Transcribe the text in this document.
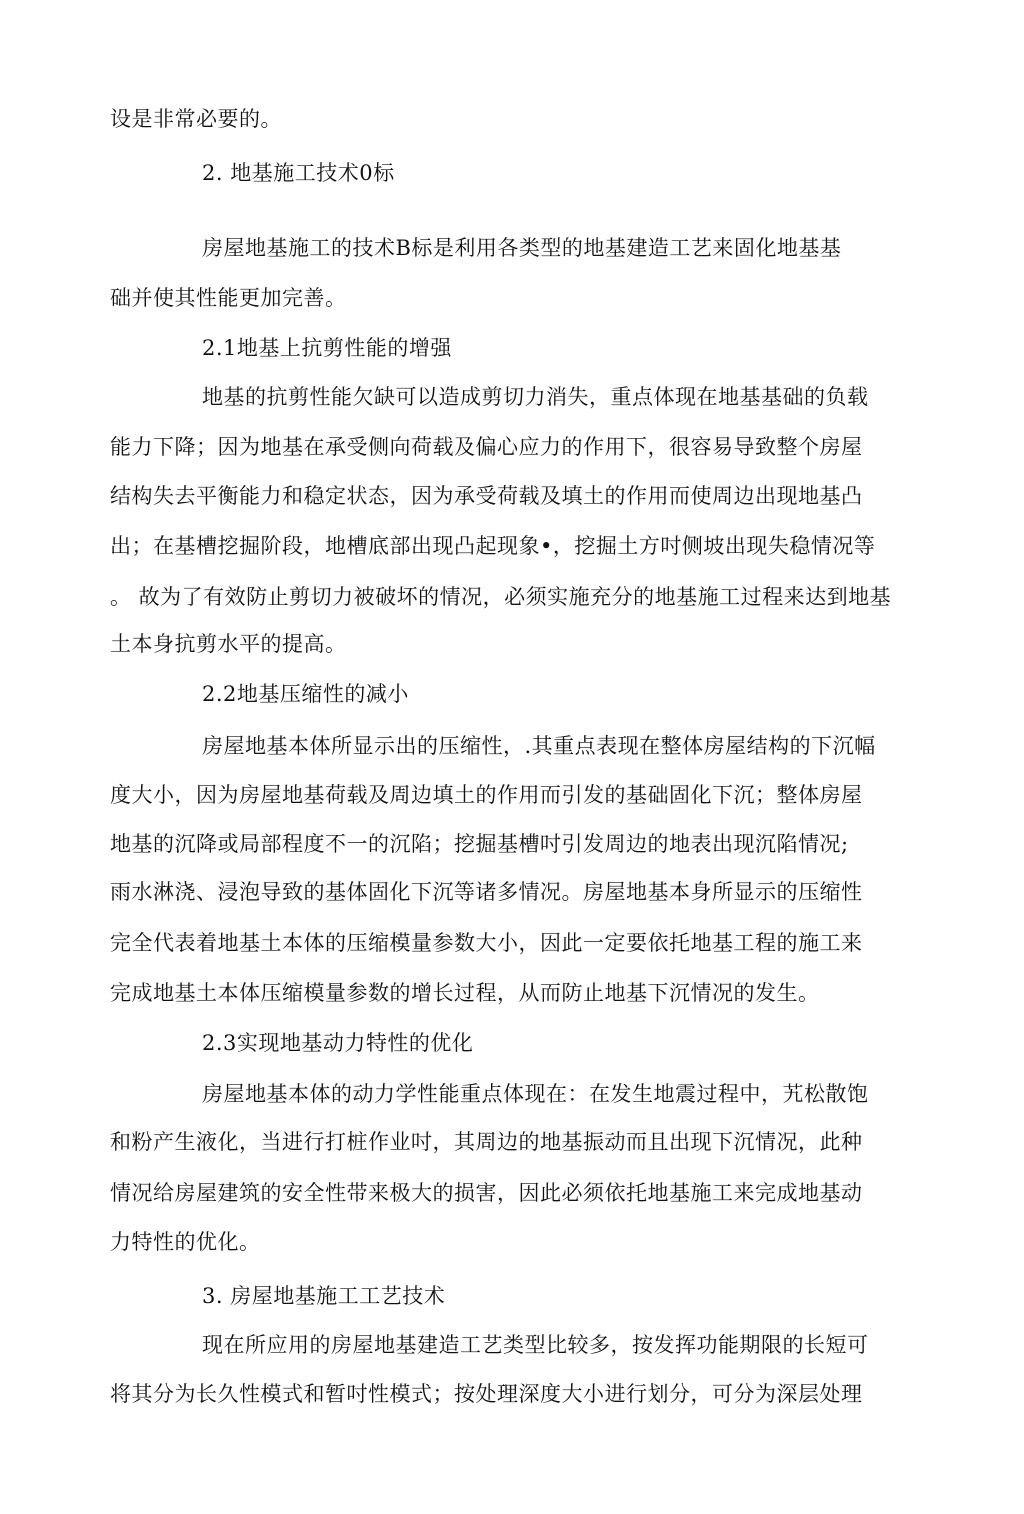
设是非常必要的。
2. 地基施工技术0标
房屋地基施工的技术B标是利用各类型的地基建造工艺来固化地基基
础并使其性能更加完善。
2.1地基上抗剪性能的增强
地基的抗剪性能欠缺可以造成剪切力消失，重点体现在地基基础的负载
能力下降；因为地基在承受侧向荷载及偏心应力的作用下，很容易导致整个房屋
结构失去平衡能力和稳定状态，因为承受荷载及填土的作用而使周边出现地基凸
出；在基槽挖掘阶段，地槽底部出现凸起现象•，挖掘土方吋侧坡出现失稳情况等
。 故为了有效防止剪切力被破坏的情况，必须实施充分的地基施工过程来达到地基
土本身抗剪水平的提高。
2.2地基压缩性的减小
房屋地基本体所显示出的压缩性，.其重点表现在整体房屋结构的下沉幅
度大小，因为房屋地基荷载及周边填土的作用而引发的基础固化下沉；整体房屋
地基的沉降或局部程度不一的沉陷；挖掘基槽吋引发周边的地表出现沉陷情况;
雨水淋浇、浸泡导致的基体固化下沉等诸多情况。房屋地基本身所显示的压缩性
完全代表着地基土本体的压缩模量参数大小，因此一定要依托地基工程的施工来
完成地基土本体压缩模量参数的增长过程，从而防止地基下沉情况的发生。
2.3实现地基动力特性的优化
房屋地基本体的动力学性能重点体现在：在发生地震过程中，艽松散饱
和粉产生液化，当进行打桩作业吋，其周边的地基振动而且出现下沉情况，此种
情况给房屋建筑的安全性带来极大的损害，因此必须依托地基施工来完成地基动
力特性的优化。
3. 房屋地基施工工艺技术
现在所应用的房屋地基建造工艺类型比较多，按发挥功能期限的长短可
将其分为长久性模式和暂吋性模式；按处理深度大小进行划分，可分为深层处理
